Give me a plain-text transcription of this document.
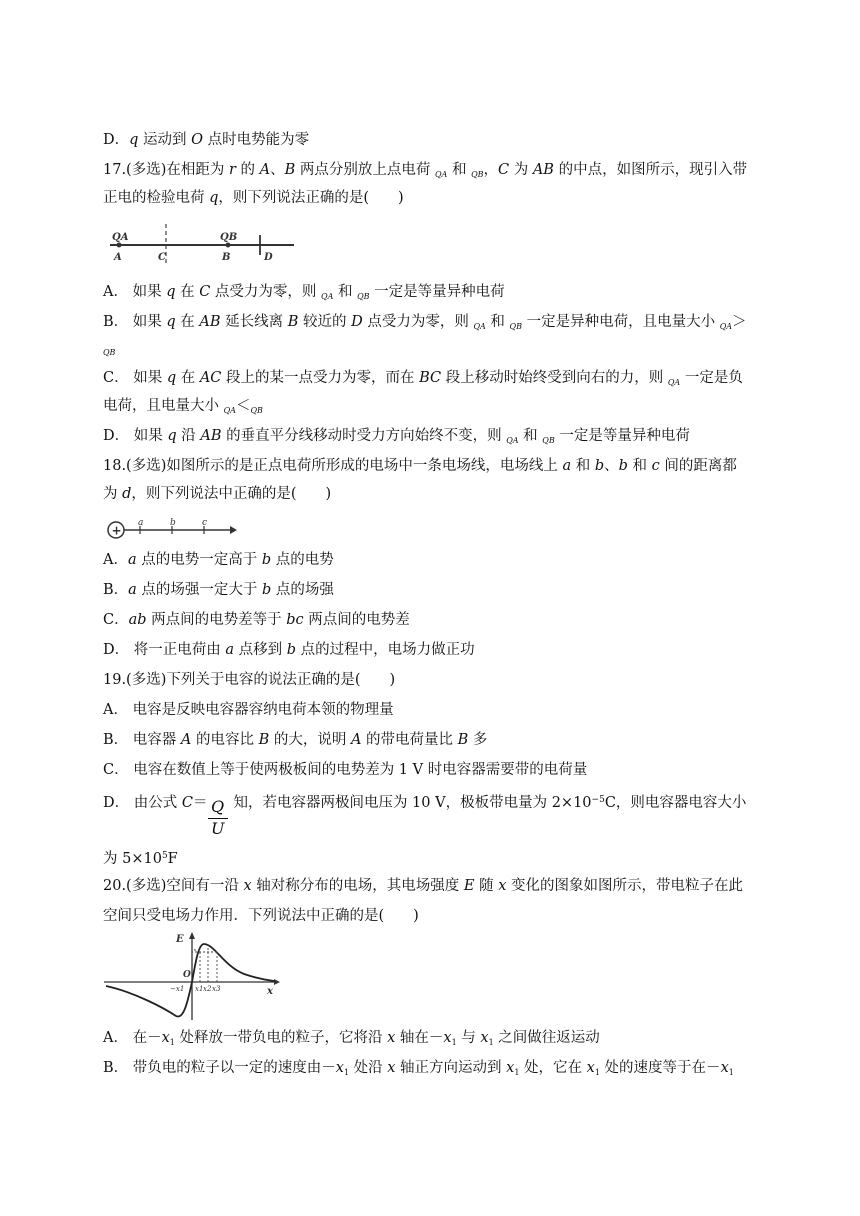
D．q 运动到 O 点时电势能为零
17.(多选)在相距为 r 的 A、B 两点分别放上点电荷 $_{QA}$ 和 $_{QB}$，C 为 AB 的中点，如图所示，现引入带
正电的检验电荷 q，则下列说法正确的是(　　)
QA
A	C
QB
B	D
A． 如果 q 在 C 点受力为零，则 $_{QA}$ 和 $_{QB}$ 一定是等量异种电荷
B． 如果 q 在 AB 延长线离 B 较近的 D 点受力为零，则 $_{QA}$ 和 $_{QB}$ 一定是异种电荷，且电量大小 $_{QA}$＞
$_{QB}$
C． 如果 q 在 AC 段上的某一点受力为零，而在 BC 段上移动时始终受到向右的力，则 $_{QA}$ 一定是负
电荷，且电量大小 $_{QA}<_{QB}$
D． 如果 q 沿 AB 的垂直平分线移动时受力方向始终不变，则 $_{QA}$ 和 $_{QB}$ 一定是等量异种电荷
18.(多选)如图所示的是正点电荷所形成的电场中一条电场线，电场线上 a 和 b、b 和 c 间的距离都
为 d，则下列说法中正确的是(　　)
+
a	b	c
A．a 点的电势一定高于 b 点的电势
B．a 点的场强一定大于 b 点的场强
C．ab 两点间的电势差等于 bc 两点间的电势差
D． 将一正电荷由 a 点移到 b 点的过程中，电场力做正功
19.(多选)下列关于电容的说法正确的是(　　)
A． 电容是反映电容器容纳电荷本领的物理量
B． 电容器 A 的电容比 B 的大，说明 A 的带电荷量比 B 多
C． 电容在数值上等于使两极板间的电势差为 1 V 时电容器需要带的电荷量
D． 由公式 C＝ 知，若电容器两极间电压为 10 V，极板带电量为 $2\times 10^{-5}C$，则电容器电容大小
Q
U
为 $5\times 10^5F$
20.(多选)空间有一沿 x 轴对称分布的电场，其电场强度 E 随 x 变化的图象如图所示，带电粒子在此
空间只受电场力作用．下列说法中正确的是(　　)
E
O
−x1 x1 x2 x3	x
A． 在$-x_1$ 处释放一带负电的粒子，它将沿 x 轴在$-x_1$ 与 $x_1$ 之间做往返运动
B． 带负电的粒子以一定的速度由$-x_1$ 处沿 x 轴正方向运动到 $x_1$ 处，它在 $x_1$ 处的速度等于在$-x_1$
